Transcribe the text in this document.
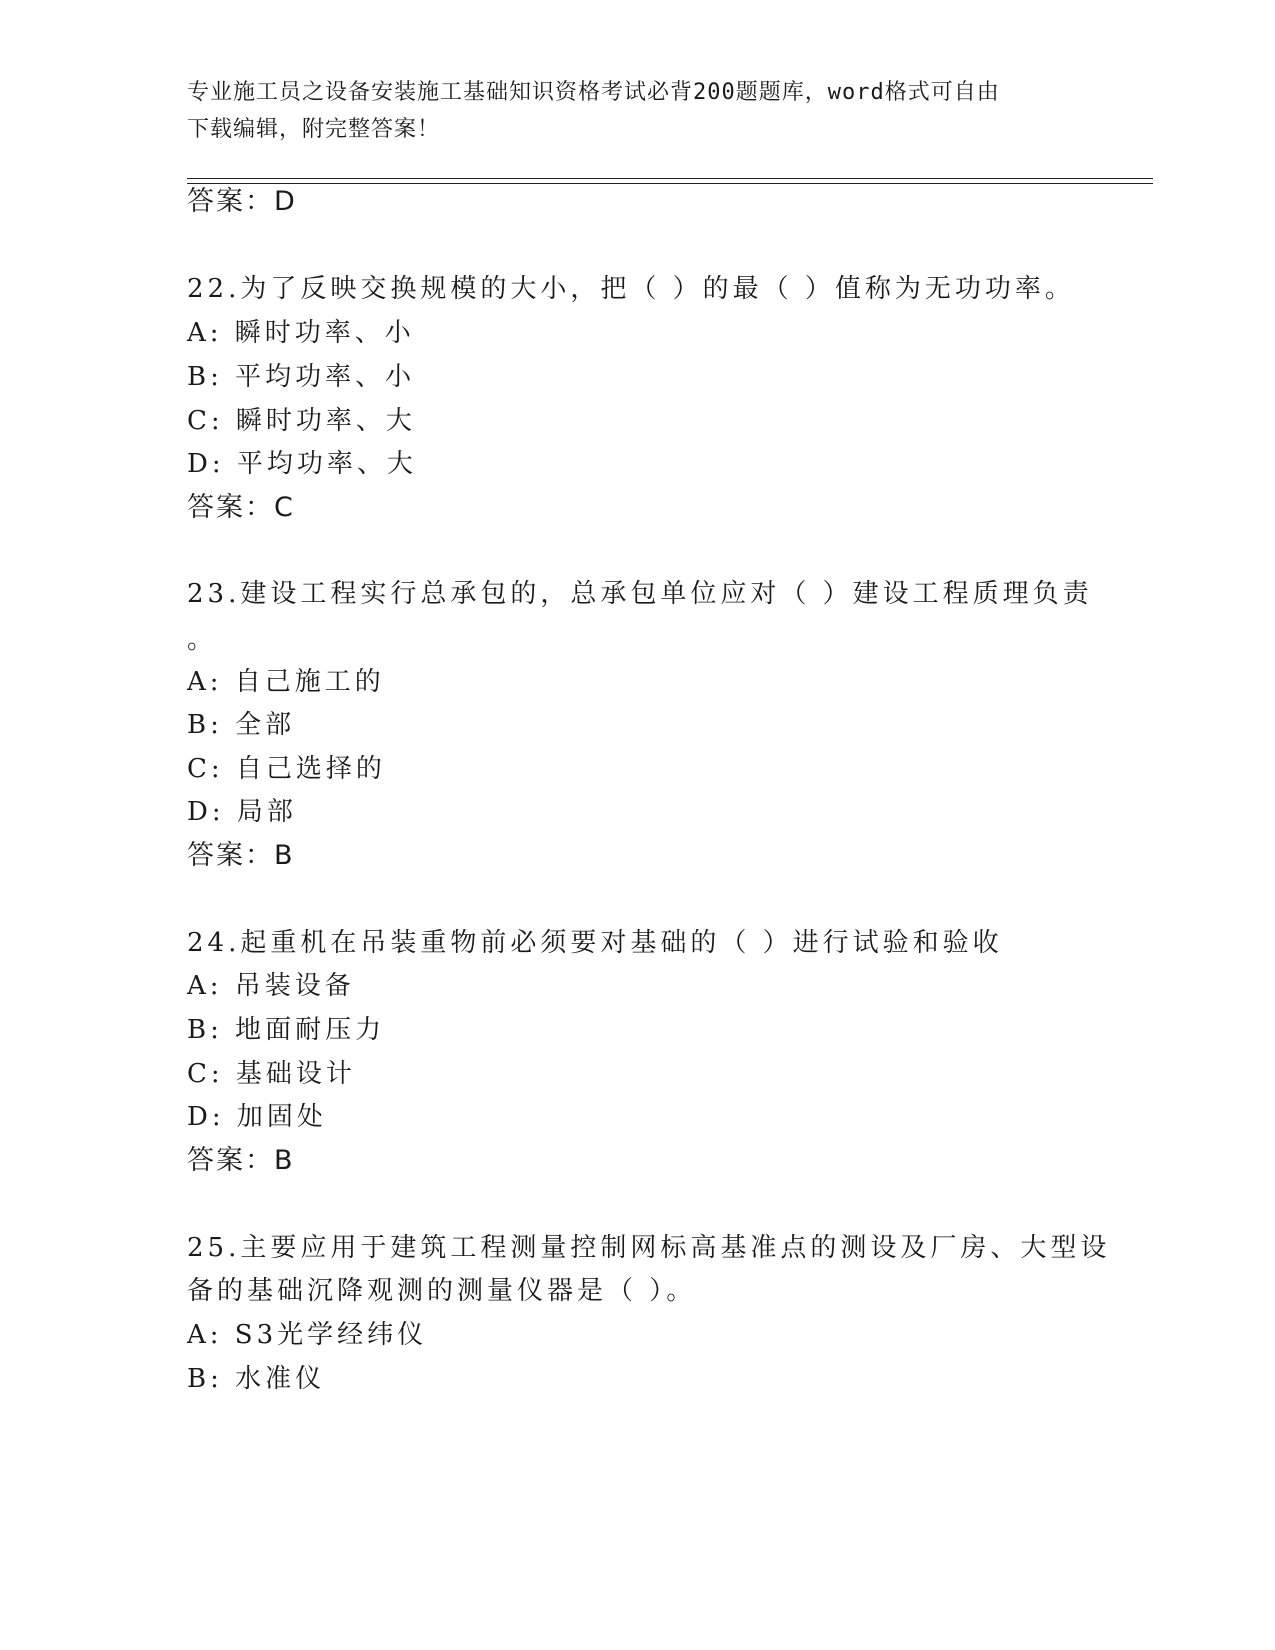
专业施工员之设备安装施工基础知识资格考试必背200题题库，word格式可自由
下载编辑，附完整答案！
答案：D
22.为了反映交换规模的大小，把（ ）的最（ ）值称为无功功率。
A: 瞬时功率、小
B: 平均功率、小
C: 瞬时功率、大
D: 平均功率、大
答案：C
23.建设工程实行总承包的，总承包单位应对（ ）建设工程质理负责
。
A: 自己施工的
B: 全部
C: 自己选择的
D: 局部
答案：B
24.起重机在吊装重物前必须要对基础的（ ）进行试验和验收
A: 吊装设备
B: 地面耐压力
C: 基础设计
D: 加固处
答案：B
25.主要应用于建筑工程测量控制网标高基准点的测设及厂房、大型设
备的基础沉降观测的测量仪器是（ ）。
A: S3光学经纬仪
B: 水准仪
